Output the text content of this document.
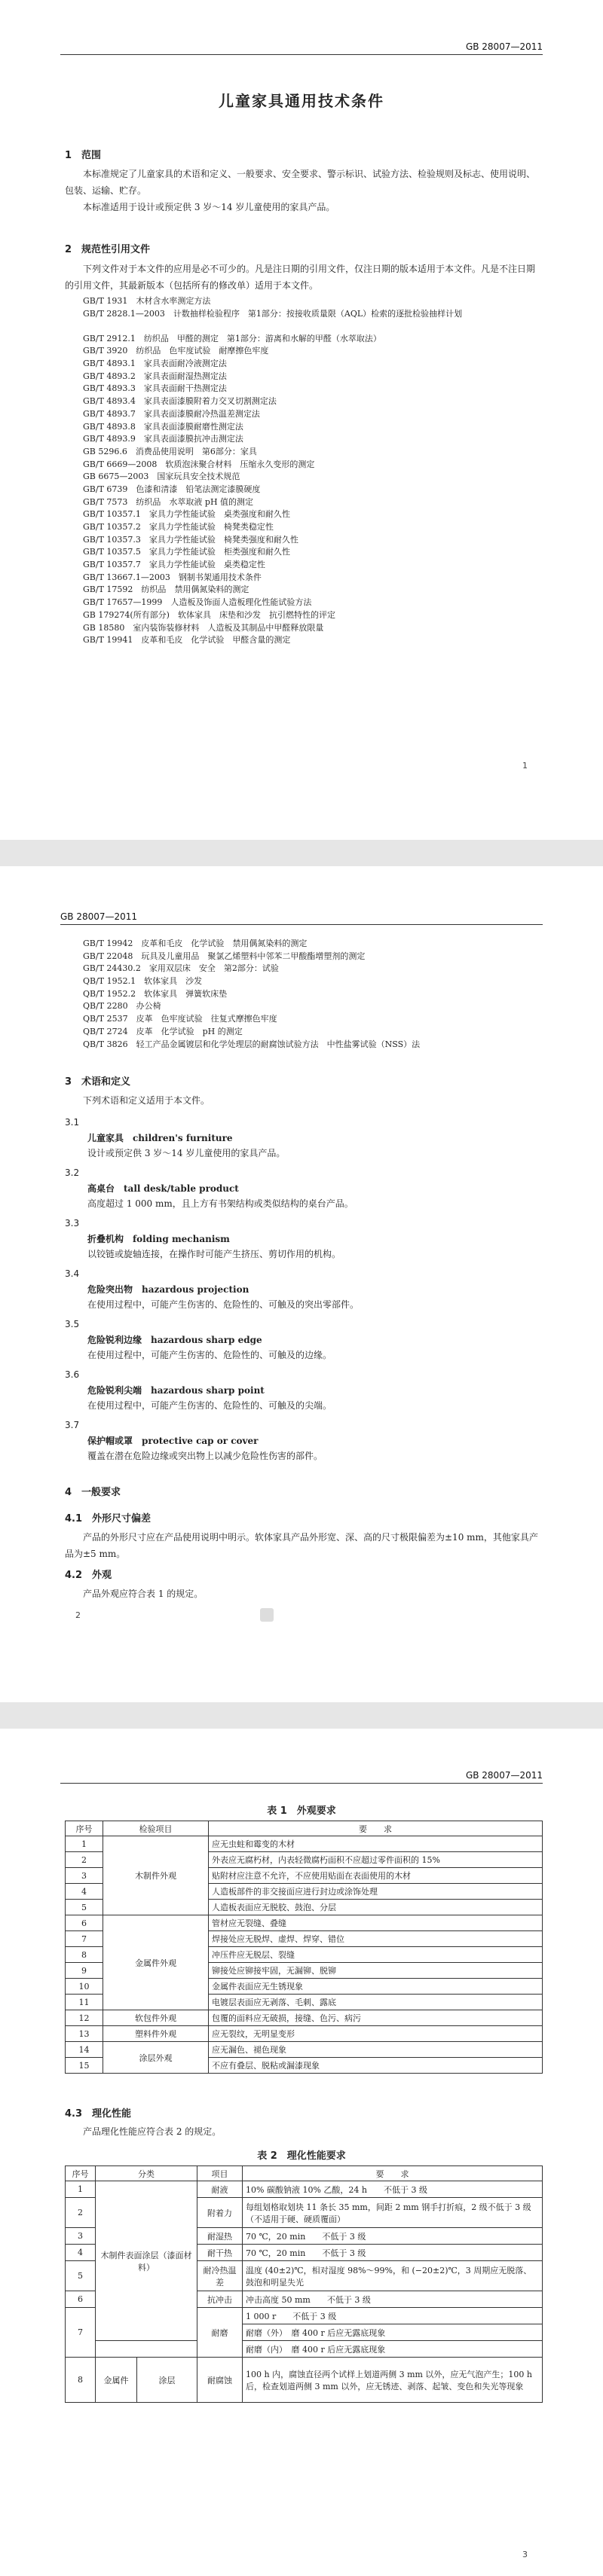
GB 28007—2011
儿童家具通用技术条件
1　范围
本标准规定了儿童家具的术语和定义、一般要求、安全要求、警示标识、试验方法、检验规则及标志、使用说明、包装、运输、贮存。
本标准适用于设计或预定供 3 岁～14 岁儿童使用的家具产品。
2　规范性引用文件
下列文件对于本文件的应用是必不可少的。凡是注日期的引用文件，仅注日期的版本适用于本文件。凡是不注日期的引用文件，其最新版本（包括所有的修改单）适用于本文件。
GB/T 1931　木材含水率测定方法
GB/T 2828.1—2003　计数抽样检验程序　第1部分：按接收质量限（AQL）检索的逐批检验抽样计划
GB/T 2912.1　纺织品　甲醛的测定　第1部分：游离和水解的甲醛（水萃取法）
GB/T 3920　纺织品　色牢度试验　耐摩擦色牢度
GB/T 4893.1　家具表面耐冷液测定法
GB/T 4893.2　家具表面耐湿热测定法
GB/T 4893.3　家具表面耐干热测定法
GB/T 4893.4　家具表面漆膜附着力交叉切割测定法
GB/T 4893.7　家具表面漆膜耐冷热温差测定法
GB/T 4893.8　家具表面漆膜耐磨性测定法
GB/T 4893.9　家具表面漆膜抗冲击测定法
GB 5296.6　消费品使用说明　第6部分：家具
GB/T 6669—2008　软质泡沫聚合材料　压缩永久变形的测定
GB 6675—2003　国家玩具安全技术规范
GB/T 6739　色漆和清漆　铅笔法测定漆膜硬度
GB/T 7573　纺织品　水萃取液 pH 值的测定
GB/T 10357.1　家具力学性能试验　桌类强度和耐久性
GB/T 10357.2　家具力学性能试验　椅凳类稳定性
GB/T 10357.3　家具力学性能试验　椅凳类强度和耐久性
GB/T 10357.5　家具力学性能试验　柜类强度和耐久性
GB/T 10357.7　家具力学性能试验　桌类稳定性
GB/T 13667.1—2003　钢制书架通用技术条件
GB/T 17592　纺织品　禁用偶氮染料的测定
GB/T 17657—1999　人造板及饰面人造板理化性能试验方法
GB 179274(所有部分)　软体家具　床垫和沙发　抗引燃特性的评定
GB 18580　室内装饰装修材料　人造板及其制品中甲醛释放限量
GB/T 19941　皮革和毛皮　化学试验　甲醛含量的测定
1
GB 28007—2011
GB/T 19942　皮革和毛皮　化学试验　禁用偶氮染料的测定
GB/T 22048　玩具及儿童用品　聚氯乙烯塑料中邻苯二甲酸酯增塑剂的测定
GB/T 24430.2　家用双层床　安全　第2部分：试验
QB/T 1952.1　软体家具　沙发
QB/T 1952.2　软体家具　弹簧软床垫
QB/T 2280　办公椅
QB/T 2537　皮革　色牢度试验　往复式摩擦色牢度
QB/T 2724　皮革　化学试验　pH 的测定
QB/T 3826　轻工产品金属镀层和化学处理层的耐腐蚀试验方法　中性盐雾试验（NSS）法
3　术语和定义
下列术语和定义适用于本文件。
3.1
儿童家具　children's furniture
设计或预定供 3 岁～14 岁儿童使用的家具产品。
3.2
高桌台　tall desk/table product
高度超过 1 000 mm，且上方有书架结构或类似结构的桌台产品。
3.3
折叠机构　folding mechanism
以铰链或旋轴连接，在操作时可能产生挤压、剪切作用的机构。
3.4
危险突出物　hazardous projection
在使用过程中，可能产生伤害的、危险性的、可触及的突出零部件。
3.5
危险锐利边缘　hazardous sharp edge
在使用过程中，可能产生伤害的、危险性的、可触及的边缘。
3.6
危险锐利尖端　hazardous sharp point
在使用过程中，可能产生伤害的、危险性的、可触及的尖端。
3.7
保护帽或罩　protective cap or cover
覆盖在潜在危险边缘或突出物上以减少危险性伤害的部件。
4　一般要求
4.1　外形尺寸偏差
产品的外形尺寸应在产品使用说明中明示。软体家具产品外形宽、深、高的尺寸极限偏差为±10 mm，其他家具产品为±5 mm。
4.2　外观
产品外观应符合表 1 的规定。
2
GB 28007—2011
表 1　外观要求
序号	检验项目	要　　求
1	木制件外观	应无虫蛀和霉变的木材
2		外表应无腐朽材，内表轻微腐朽面积不应超过零件面积的 15%
3		贴附材应注意不允许，不应使用贴面在表面使用的木材
4		人造板部件的非交接面应进行封边或涂饰处理
5		人造板表面应无脱胶、鼓泡、分层
6	金属件外观	管材应无裂缝、叠缝
7		焊接处应无脱焊、虚焊、焊穿、错位
8		冲压件应无脱层、裂缝
9		铆接处应铆接牢固，无漏铆、脱铆
10		金属件表面应无生锈现象
11		电镀层表面应无剥落、毛刺、露底
12	软包件外观	包覆的面料应无破损，接缝、色污、病污
13	塑料件外观	应无裂纹，无明显变形
14	涂层外观	应无漏色、褪色现象
15		不应有叠层、脱粘或漏漆现象
4.3　理化性能
产品理化性能应符合表 2 的规定。
表 2　理化性能要求
序号	分类		项目	要　　求
1	木制件表面涂层（漆面材料）		耐液	10% 碳酸钠液 10% 乙酸，24 h　　不低于 3 级
2			附着力	每组划格取划块 11 条长 35 mm，间距 2 mm 钢手打折痕，2 级不低于 3 级（不适用于硬、硬质覆面）
3			耐湿热	70 ℃，20 min　　不低于 3 级
4			耐干热	70 ℃，20 min　　不低于 3 级
5			耐冷热温差	温度 (40±2)℃，相对湿度 98%～99%，和 (−20±2)℃，3 周期应无脱落、鼓泡和明显失光
6			抗冲击	冲击高度 50 mm　　不低于 3 级
7			耐磨	1 000 r　　不低于 3 级
				耐磨（外）　 磨 400 r 后应无露底现象
				耐磨（内）　 磨 400 r 后应无露底现象
8	金属件	涂层	耐腐蚀	100 h 内，腐蚀直径两个试样上划道两侧 3 mm 以外，应无气泡产生；100 h 后，检查划道两侧 3 mm 以外，应无锈迹、剥落、起皱、变色和失光等现象
3
